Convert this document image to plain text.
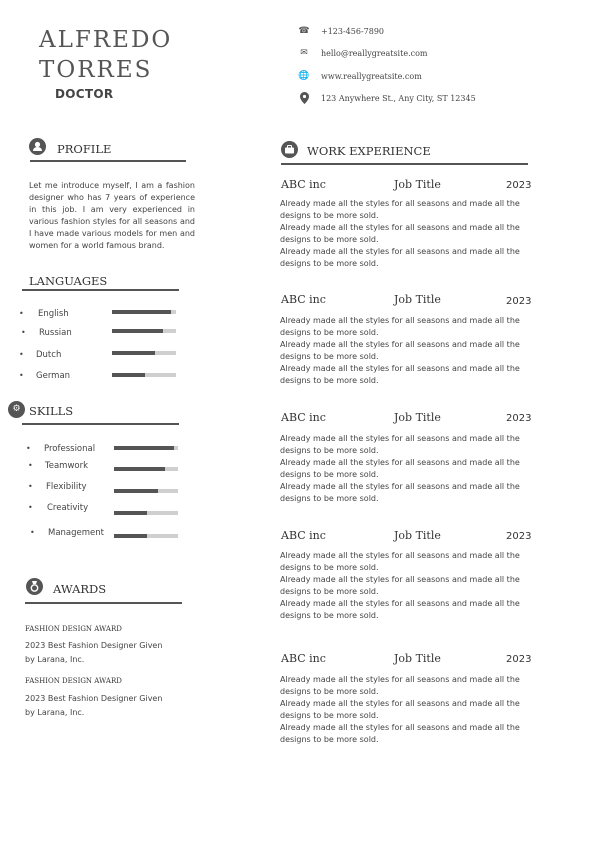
ALFREDO
TORRES
DOCTOR
☎ +123-456-7890
✉ hello@reallygreatsite.com
🌐 www.reallygreatsite.com
123 Anywhere St., Any City, ST 12345
PROFILE
Let me introduce myself, I am a fashion designer who has 7 years of experience in this job. I am very experienced in various fashion styles for all seasons and I have made various models for men and women for a world famous brand.
LANGUAGES
• English
• Russian
• Dutch
• German
⚙ SKILLS
• Professional
• Teamwork
• Flexibility
• Creativity
• Management
AWARDS
FASHION DESIGN AWARD
2023 Best Fashion Designer Given
by Larana, Inc.
FASHION DESIGN AWARD
2023 Best Fashion Designer Given
by Larana, Inc.
WORK EXPERIENCE
ABC inc	Job Title	2023
Already made all the styles for all seasons and made all the designs to be more sold.
Already made all the styles for all seasons and made all the designs to be more sold.
Already made all the styles for all seasons and made all the designs to be more sold.
ABC inc	Job Title	2023
Already made all the styles for all seasons and made all the designs to be more sold.
Already made all the styles for all seasons and made all the designs to be more sold.
Already made all the styles for all seasons and made all the designs to be more sold.
ABC inc	Job Title	2023
Already made all the styles for all seasons and made all the designs to be more sold.
Already made all the styles for all seasons and made all the designs to be more sold.
Already made all the styles for all seasons and made all the designs to be more sold.
ABC inc	Job Title	2023
Already made all the styles for all seasons and made all the designs to be more sold.
Already made all the styles for all seasons and made all the designs to be more sold.
Already made all the styles for all seasons and made all the designs to be more sold.
ABC inc	Job Title	2023
Already made all the styles for all seasons and made all the designs to be more sold.
Already made all the styles for all seasons and made all the designs to be more sold.
Already made all the styles for all seasons and made all the designs to be more sold.
